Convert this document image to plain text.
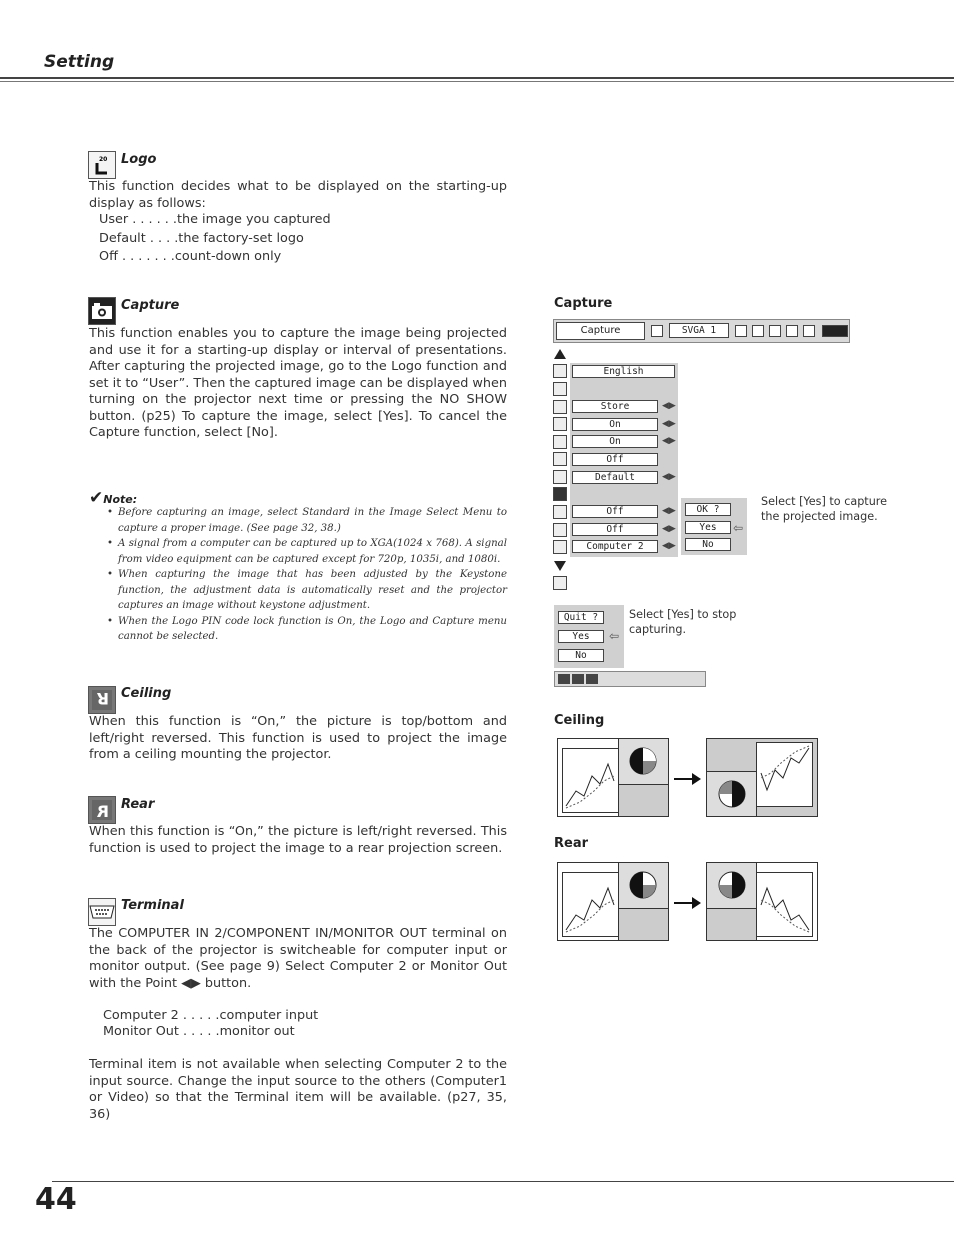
Setting
20 Logo
This function decides what to be displayed on the starting-up display as follows:
User . . . . . .the image you captured
Default . . . .the factory-set logo
Off . . . . . . .count-down only
Capture
This function enables you to capture the image being projected and use it for a starting-up display or interval of presentations. After capturing the projected image, go to the Logo function and set it to “User”. Then the captured image can be displayed when turning on the projector next time or pressing the NO SHOW button. (p25) To capture the image, select [Yes]. To cancel the Capture function, select [No].
✔Note:
• Before capturing an image, select Standard in the Image Select Menu to capture a proper image. (See page 32, 38.)
• A signal from a computer can be captured up to XGA(1024 x 768). A signal from video equipment can be captured except for 720p, 1035i, and 1080i.
• When capturing the image that has been adjusted by the Keystone function, the adjustment data is automatically reset and the projector captures an image without keystone adjustment.
• When the Logo PIN code lock function is On, the Logo and Capture menu cannot be selected.
R Ceiling
When this function is “On,” the picture is top/bottom and left/right reversed. This function is used to project the image from a ceiling mounting the projector.
R Rear
When this function is “On,” the picture is left/right reversed. This function is used to project the image to a rear projection screen.
Terminal
The COMPUTER IN 2/COMPONENT IN/MONITOR OUT terminal on the back of the projector is switcheable for computer input or monitor output. (See page 9) Select Computer 2 or Monitor Out with the Point ◀▶ button.
Computer 2 . . . . .computer input
Monitor Out . . . . .monitor out
Terminal item is not available when selecting Computer 2 to the input source. Change the input source to the others (Computer1 or Video) so that the Terminal item will be available. (p27, 35, 36)
Capture
Capture	SVGA 1
English
Store	◀▶
On	◀▶
On	◀▶
Off
Default	◀▶
Off	◀▶
Off	◀▶
Computer 2	◀▶
OK ?
Yes
No
⇦
Select [Yes] to capture the projected image.
Quit ?
Yes
No
⇦
Select [Yes] to stop capturing.
Ceiling
Rear
44
